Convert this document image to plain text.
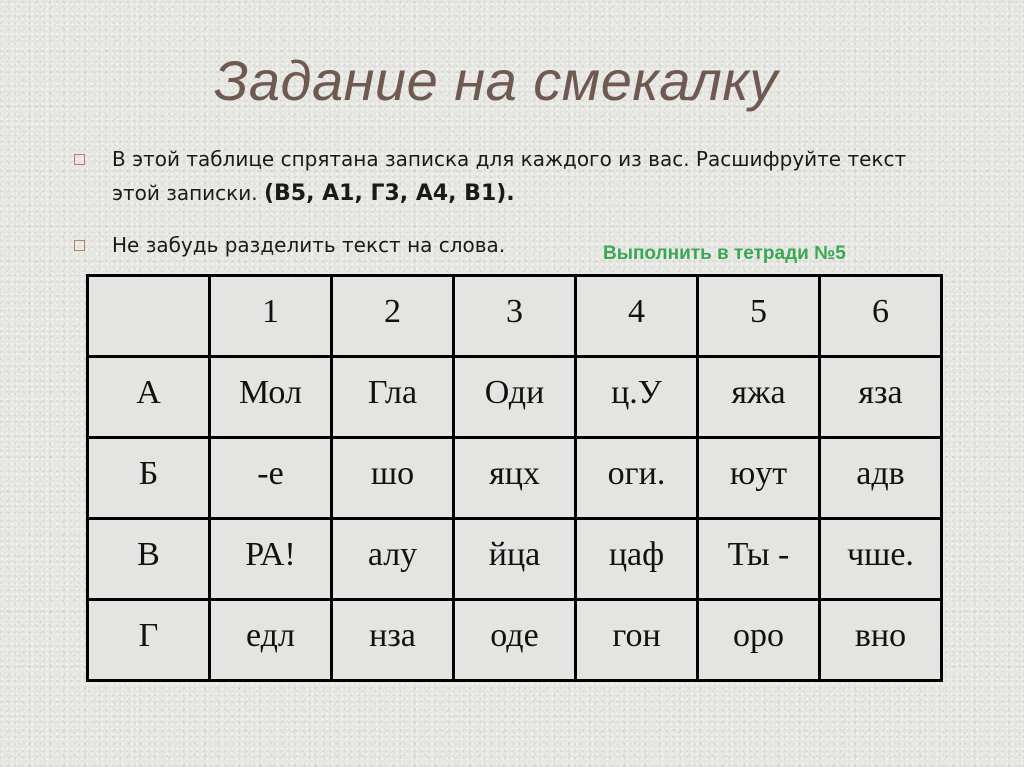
Задание на смекалку
В этой таблице спрятана записка для каждого из вас. Расшифруйте текст этой записки. (В5, А1, Г3, А4, В1).
Не забудь разделить текст на слова.	Выполнить в тетради №5
	1	2	3	4	5	6
А	Мол	Гла	Оди	ц.У	яжа	яза
Б	-е	шо	яцх	оги.	юут	адв
В	РА!	алу	йца	цаф	Ты -	чше.
Г	едл	нза	оде	гон	оро	вно
